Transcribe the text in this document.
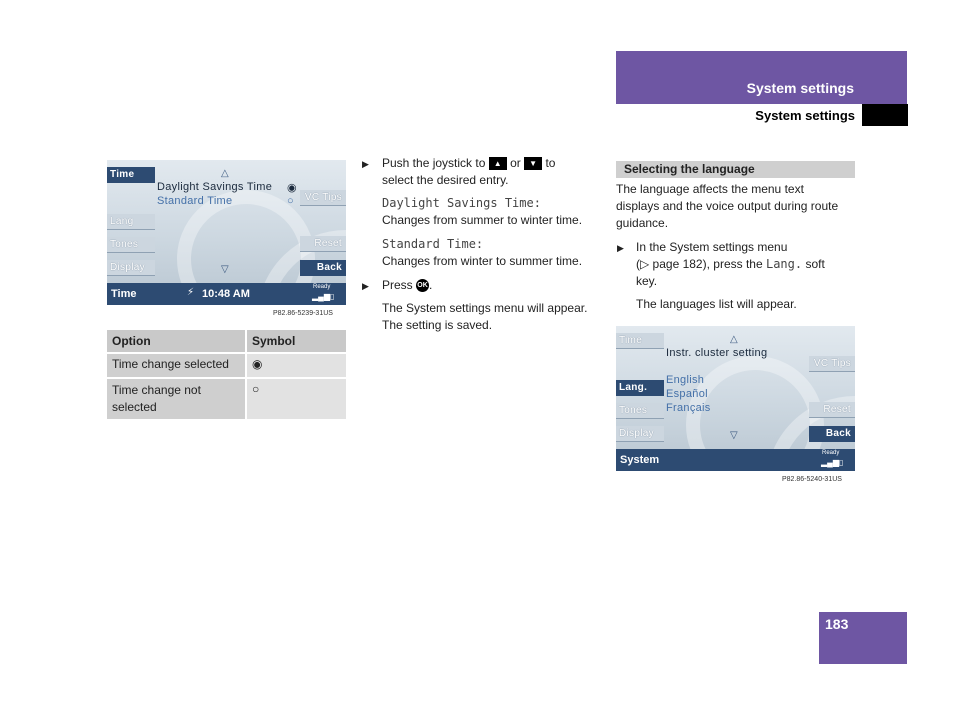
System settings
System settings
Time
Lang
Tones
Display
△
Daylight Savings Time ◉
Standard Time	○
▽
VC Tips
Reset
Back
Time	⚡ 10:48 AM
Ready
▂▄▆▯
P82.86-5239-31US
Option	Symbol
Time change selected	◉
Time change not selected	○
▶ Push the joystick to ▲ or ▼ to
select the desired entry.
Daylight Savings Time:
Changes from summer to winter time.
Standard Time:
Changes from winter to summer time.
▶ Press OK.
The System settings menu will appear.
The setting is saved.
Selecting the language
The language affects the menu text
displays and the voice output during route
guidance.
▶ In the System settings menu
(▷ page 182), press the Lang. soft
key.
The languages list will appear.
Time
Lang.
Tones
Display
△
Instr. cluster setting
English
Español
Français
▽
VC Tips
Reset
Back
System
Ready
▂▄▆▯
P82.86-5240-31US
183
